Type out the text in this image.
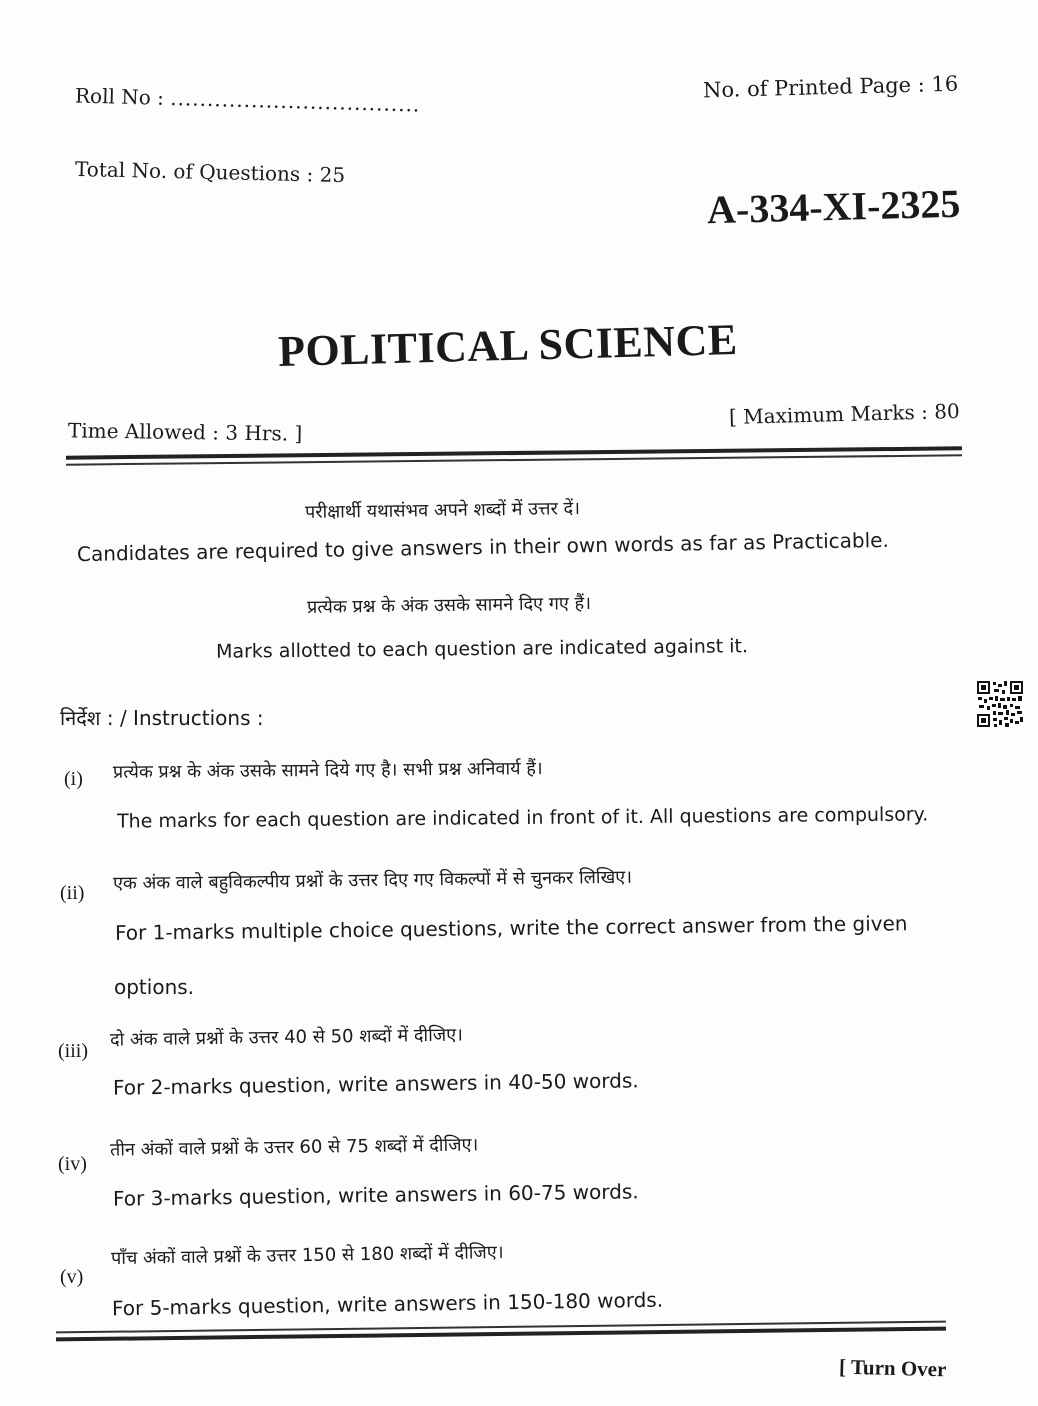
Roll No : ..................................	No. of Printed Page : 16
Total No. of Questions : 25
A-334-XI-2325
POLITICAL SCIENCE
Time Allowed : 3 Hrs. ]
[ Maximum Marks : 80
परीक्षार्थी यथासंभव अपने शब्दों में उत्तर दें।
Candidates are required to give answers in their own words as far as Practicable.
प्रत्येक प्रश्न के अंक उसके सामने दिए गए हैं।
Marks allotted to each question are indicated against it.
निर्देश : / Instructions :
(i) प्रत्येक प्रश्न के अंक उसके सामने दिये गए है। सभी प्रश्न अनिवार्य हैं।
The marks for each question are indicated in front of it. All questions are compulsory.
(ii) एक अंक वाले बहुविकल्पीय प्रश्नों के उत्तर दिए गए विकल्पों में से चुनकर लिखिए।
For 1-marks multiple choice questions, write the correct answer from the given
options.
(iii)
दो अंक वाले प्रश्नों के उत्तर 40 से 50 शब्दों में दीजिए।
For 2-marks question, write answers in 40-50 words.
(iv)
तीन अंकों वाले प्रश्नों के उत्तर 60 से 75 शब्दों में दीजिए।
For 3-marks question, write answers in 60-75 words.
(v)
पाँच अंकों वाले प्रश्नों के उत्तर 150 से 180 शब्दों में दीजिए।
For 5-marks question, write answers in 150-180 words.
[ Turn Over
